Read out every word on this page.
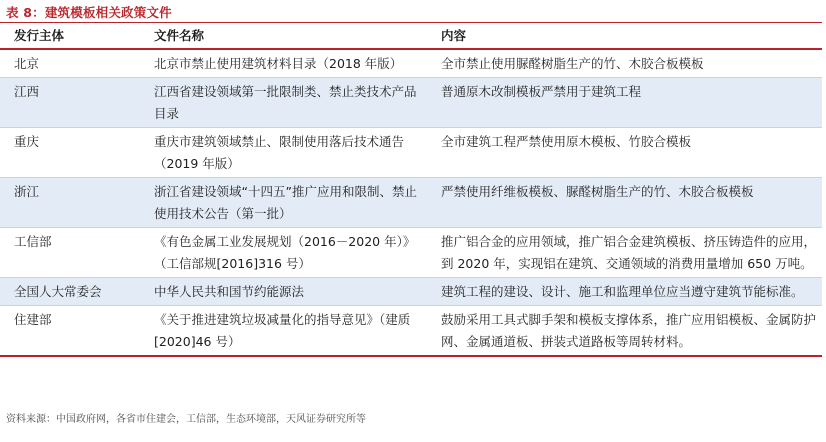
表 8：建筑模板相关政策文件
发行主体	文件名称	内容
北京	北京市禁止使用建筑材料目录（2018 年版）	全市禁止使用脲醛树脂生产的竹、木胶合板模板
江西	江西省建设领域第一批限制类、禁止类技术产品目录	普通原木改制模板严禁用于建筑工程
重庆	重庆市建筑领域禁止、限制使用落后技术通告（2019 年版）	全市建筑工程严禁使用原木模板、竹胶合模板
浙江	浙江省建设领域“十四五”推广应用和限制、禁止使用技术公告（第一批）	严禁使用纤维板模板、脲醛树脂生产的竹、木胶合板模板
工信部	《有色金属工业发展规划（2016－2020 年）》（工信部规[2016]316 号）	推广铝合金的应用领域，推广铝合金建筑模板、挤压铸造件的应用，到 2020 年，实现铝在建筑、交通领域的消费用量增加 650 万吨。
全国人大常委会	中华人民共和国节约能源法	建筑工程的建设、设计、施工和监理单位应当遵守建筑节能标准。
住建部	《关于推进建筑垃圾减量化的指导意见》（建质[2020]46 号）	鼓励采用工具式脚手架和模板支撑体系，推广应用铝模板、金属防护网、金属通道板、拼装式道路板等周转材料。
资料来源：中国政府网，各省市住建会，工信部，生态环境部，天风证券研究所等
